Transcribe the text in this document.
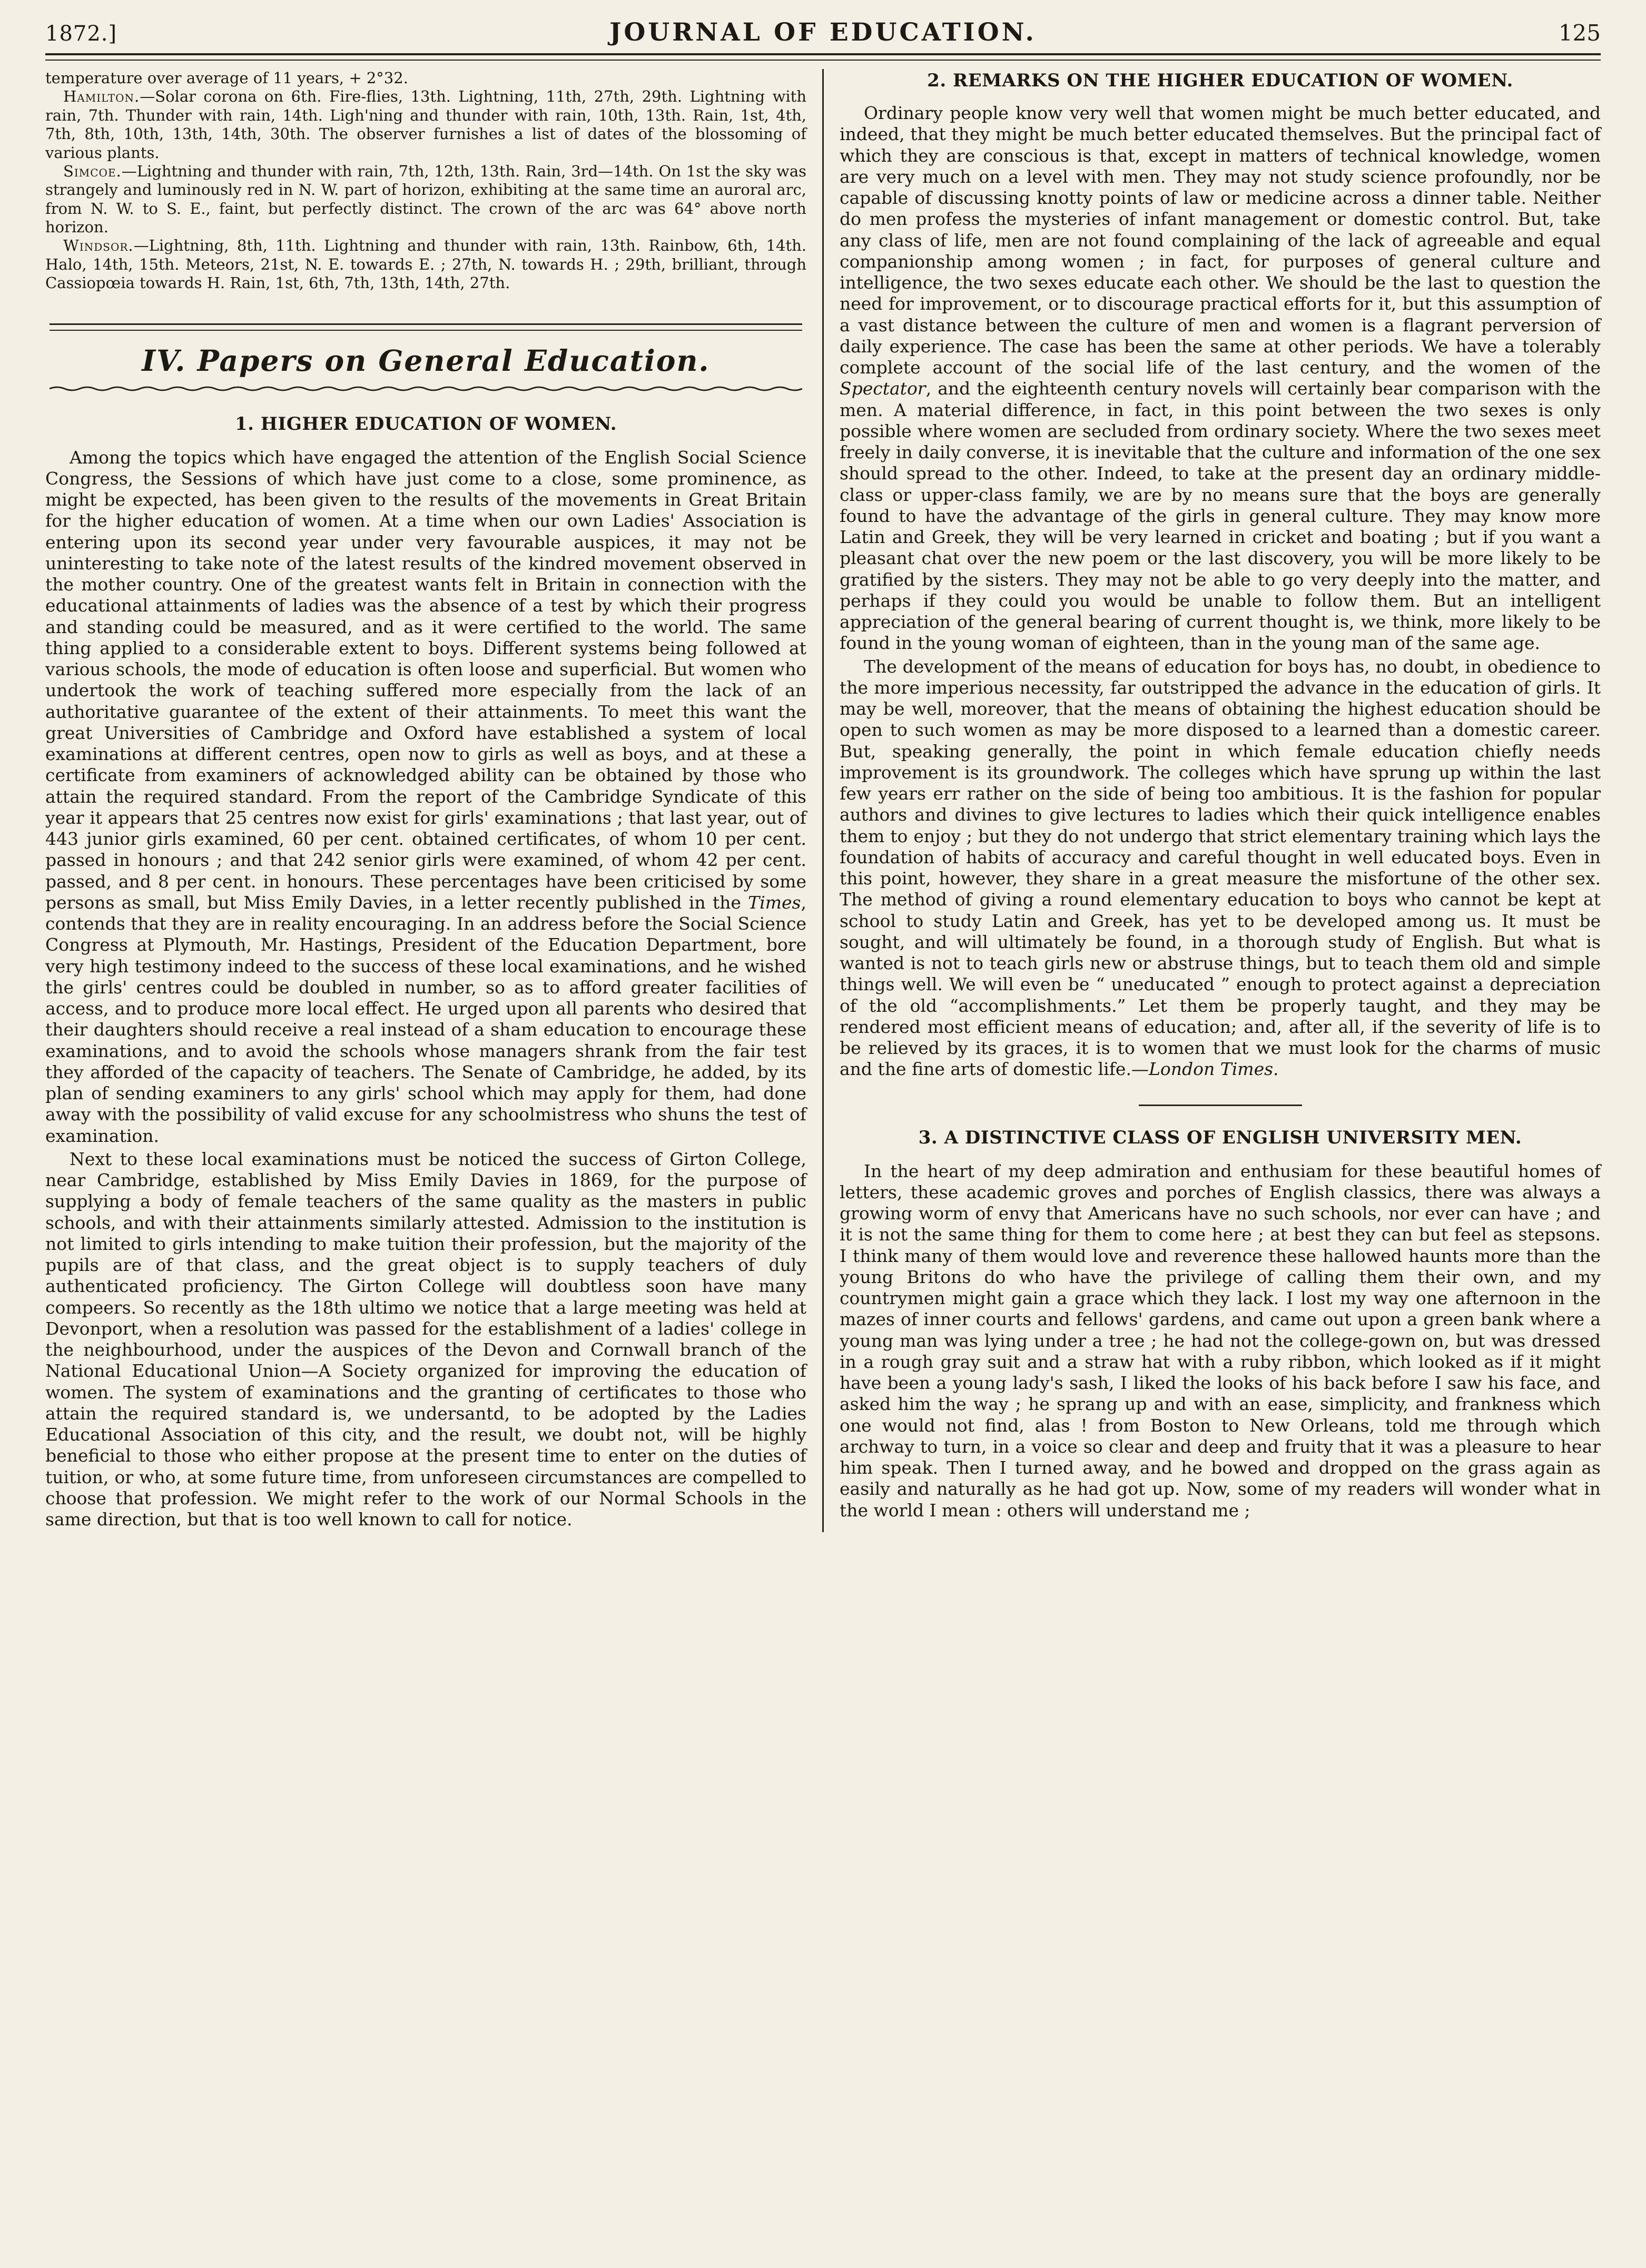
1872.]	JOURNAL OF EDUCATION.	125

temperature over average of 11 years, + 2°32.

Hamilton.—Solar corona on 6th. Fire-flies, 13th. Lightning, 11th, 27th, 29th. Lightning with rain, 7th. Thunder with rain, 14th. Ligh'ning and thunder with rain, 10th, 13th. Rain, 1st, 4th, 7th, 8th, 10th, 13th, 14th, 30th. The observer furnishes a list of dates of the blossoming of various plants.

Simcoe.—Lightning and thunder with rain, 7th, 12th, 13th. Rain, 3rd—14th. On 1st the sky was strangely and luminously red in N. W. part of horizon, exhibiting at the same time an auroral arc, from N. W. to S. E., faint, but perfectly distinct. The crown of the arc was 64° above north horizon.

Windsor.—Lightning, 8th, 11th. Lightning and thunder with rain, 13th. Rainbow, 6th, 14th. Halo, 14th, 15th. Meteors, 21st, N. E. towards E. ; 27th, N. towards H. ; 29th, brilliant, through Cassiopœia towards H. Rain, 1st, 6th, 7th, 13th, 14th, 27th.

IV. Papers on General Education.
1. HIGHER EDUCATION OF WOMEN.

Among the topics which have engaged the attention of the English Social Science Congress, the Sessions of which have just come to a close, some prominence, as might be expected, has been given to the results of the movements in Great Britain for the higher education of women. At a time when our own Ladies' Association is entering upon its second year under very favourable auspices, it may not be uninteresting to take note of the latest results of the kindred movement observed in the mother country. One of the greatest wants felt in Britain in connection with the educational attainments of ladies was the absence of a test by which their progress and standing could be measured, and as it were certified to the world. The same thing applied to a considerable extent to boys. Different systems being followed at various schools, the mode of education is often loose and superficial. But women who undertook the work of teaching suffered more especially from the lack of an authoritative guarantee of the extent of their attainments. To meet this want the great Universities of Cambridge and Oxford have established a system of local examinations at different centres, open now to girls as well as boys, and at these a certificate from examiners of acknowledged ability can be obtained by those who attain the required standard. From the report of the Cambridge Syndicate of this year it appears that 25 centres now exist for girls' examinations ; that last year, out of 443 junior girls examined, 60 per cent. obtained certificates, of whom 10 per cent. passed in honours ; and that 242 senior girls were examined, of whom 42 per cent. passed, and 8 per cent. in honours. These percentages have been criticised by some persons as small, but Miss Emily Davies, in a letter recently published in the Times, contends that they are in reality encouraging. In an address before the Social Science Congress at Plymouth, Mr. Hastings, President of the Education Department, bore very high testimony indeed to the success of these local examinations, and he wished the girls' centres could be doubled in number, so as to afford greater facilities of access, and to produce more local effect. He urged upon all parents who desired that their daughters should receive a real instead of a sham education to encourage these examinations, and to avoid the schools whose managers shrank from the fair test they afforded of the capacity of teachers. The Senate of Cambridge, he added, by its plan of sending examiners to any girls' school which may apply for them, had done away with the possibility of valid excuse for any schoolmistress who shuns the test of examination.

Next to these local examinations must be noticed the success of Girton College, near Cambridge, established by Miss Emily Davies in 1869, for the purpose of supplying a body of female teachers of the same quality as the masters in public schools, and with their attainments similarly attested. Admission to the institution is not limited to girls intending to make tuition their profession, but the majority of the pupils are of that class, and the great object is to supply teachers of duly authenticated proficiency. The Girton College will doubtless soon have many compeers. So recently as the 18th ultimo we notice that a large meeting was held at Devonport, when a resolution was passed for the establishment of a ladies' college in the neighbourhood, under the auspices of the Devon and Cornwall branch of the National Educational Union—A Society organized for improving the education of women. The system of examinations and the granting of certificates to those who attain the required standard is, we undersantd, to be adopted by the Ladies Educational Association of this city, and the result, we doubt not, will be highly beneficial to those who either propose at the present time to enter on the duties of tuition, or who, at some future time, from unforeseen circumstances are compelled to choose that profession. We might refer to the work of our Normal Schools in the same direction, but that is too well known to call for notice.

2. REMARKS ON THE HIGHER EDUCATION OF WOMEN.

Ordinary people know very well that women might be much better educated, and indeed, that they might be much better educated themselves. But the principal fact of which they are conscious is that, except in matters of technical knowledge, women are very much on a level with men. They may not study science profoundly, nor be capable of discussing knotty points of law or medicine across a dinner table. Neither do men profess the mysteries of infant management or domestic control. But, take any class of life, men are not found complaining of the lack of agreeable and equal companionship among women ; in fact, for purposes of general culture and intelligence, the two sexes educate each other. We should be the last to question the need for improvement, or to discourage practical efforts for it, but this assumption of a vast distance between the culture of men and women is a flagrant perversion of daily experience. The case has been the same at other periods. We have a tolerably complete account of the social life of the last century, and the women of the Spectator, and the eighteenth century novels will certainly bear comparison with the men. A material difference, in fact, in this point between the two sexes is only possible where women are secluded from ordinary society. Where the two sexes meet freely in daily converse, it is inevitable that the culture and information of the one sex should spread to the other. Indeed, to take at the present day an ordinary middle-class or upper-class family, we are by no means sure that the boys are generally found to have the advantage of the girls in general culture. They may know more Latin and Greek, they will be very learned in cricket and boating ; but if you want a pleasant chat over the new poem or the last discovery, you will be more likely to be gratified by the sisters. They may not be able to go very deeply into the matter, and perhaps if they could you would be unable to follow them. But an intelligent appreciation of the general bearing of current thought is, we think, more likely to be found in the young woman of eighteen, than in the young man of the same age.

The development of the means of education for boys has, no doubt, in obedience to the more imperious necessity, far outstripped the advance in the education of girls. It may be well, moreover, that the means of obtaining the highest education should be open to such women as may be more disposed to a learned than a domestic career. But, speaking generally, the point in which female education chiefly needs improvement is its groundwork. The colleges which have sprung up within the last few years err rather on the side of being too ambitious. It is the fashion for popular authors and divines to give lectures to ladies which their quick intelligence enables them to enjoy ; but they do not undergo that strict elementary training which lays the foundation of habits of accuracy and careful thought in well educated boys. Even in this point, however, they share in a great measure the misfortune of the other sex. The method of giving a round elementary education to boys who cannot be kept at school to study Latin and Greek, has yet to be developed among us. It must be sought, and will ultimately be found, in a thorough study of English. But what is wanted is not to teach girls new or abstruse things, but to teach them old and simple things well. We will even be “ uneducated ” enough to protect against a depreciation of the old “accomplishments.” Let them be properly taught, and they may be rendered most efficient means of education; and, after all, if the severity of life is to be relieved by its graces, it is to women that we must look for the charms of music and the fine arts of domestic life.—London Times.

3. A DISTINCTIVE CLASS OF ENGLISH UNIVERSITY MEN.

In the heart of my deep admiration and enthusiam for these beautiful homes of letters, these academic groves and porches of English classics, there was always a growing worm of envy that Americans have no such schools, nor ever can have ; and it is not the same thing for them to come here ; at best they can but feel as stepsons. I think many of them would love and reverence these hallowed haunts more than the young Britons do who have the privilege of calling them their own, and my countrymen might gain a grace which they lack. I lost my way one afternoon in the mazes of inner courts and fellows' gardens, and came out upon a green bank where a young man was lying under a tree ; he had not the college-gown on, but was dressed in a rough gray suit and a straw hat with a ruby ribbon, which looked as if it might have been a young lady's sash, I liked the looks of his back before I saw his face, and asked him the way ; he sprang up and with an ease, simplicity, and frankness which one would not find, alas ! from Boston to New Orleans, told me through which archway to turn, in a voice so clear and deep and fruity that it was a pleasure to hear him speak. Then I turned away, and he bowed and dropped on the grass again as easily and naturally as he had got up. Now, some of my readers will wonder what in the world I mean : others will understand me ;
